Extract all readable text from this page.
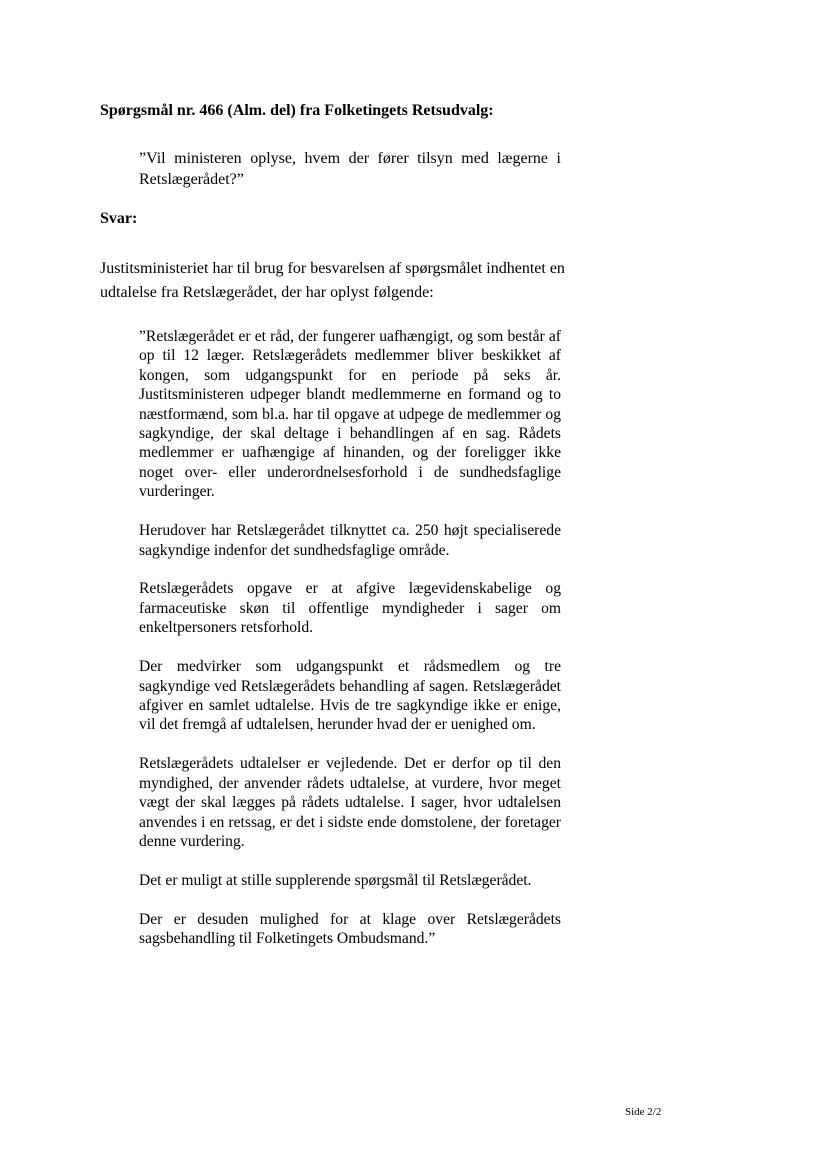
Spørgsmål nr. 466 (Alm. del) fra Folketingets Retsudvalg:
”Vil ministeren oplyse, hvem der fører tilsyn med lægerne i Retslægerådet?”
Svar:
Justitsministeriet har til brug for besvarelsen af spørgsmålet indhentet en
udtalelse fra Retslægerådet, der har oplyst følgende:

”Retslægerådet er et råd, der fungerer uafhængigt, og som består af op til 12 læger. Retslægerådets medlemmer bliver beskikket af kongen, som udgangspunkt for en periode på seks år. Justitsministeren udpeger blandt medlemmerne en formand og to næstformænd, som bl.a. har til opgave at udpege de medlemmer og sagkyndige, der skal deltage i behandlingen af en sag. Rådets medlemmer er uafhængige af hinanden, og der foreligger ikke noget over- eller underordnelsesforhold i de sundhedsfaglige vurderinger.

Herudover har Retslægerådet tilknyttet ca. 250 højt specialiserede sagkyndige indenfor det sundhedsfaglige område.

Retslægerådets opgave er at afgive lægevidenskabelige og farmaceutiske skøn til offentlige myndigheder i sager om enkeltpersoners retsforhold.

Der medvirker som udgangspunkt et rådsmedlem og tre sagkyndige ved Retslægerådets behandling af sagen. Retslægerådet afgiver en samlet udtalelse. Hvis de tre sagkyndige ikke er enige, vil det fremgå af udtalelsen, herunder hvad der er uenighed om.

Retslægerådets udtalelser er vejledende. Det er derfor op til den myndighed, der anvender rådets udtalelse, at vurdere, hvor meget vægt der skal lægges på rådets udtalelse. I sager, hvor udtalelsen anvendes i en retssag, er det i sidste ende domstolene, der foretager denne vurdering.

Det er muligt at stille supplerende spørgsmål til Retslægerådet.

Der er desuden mulighed for at klage over Retslægerådets sagsbehandling til Folketingets Ombudsmand.”

Side 2/2
